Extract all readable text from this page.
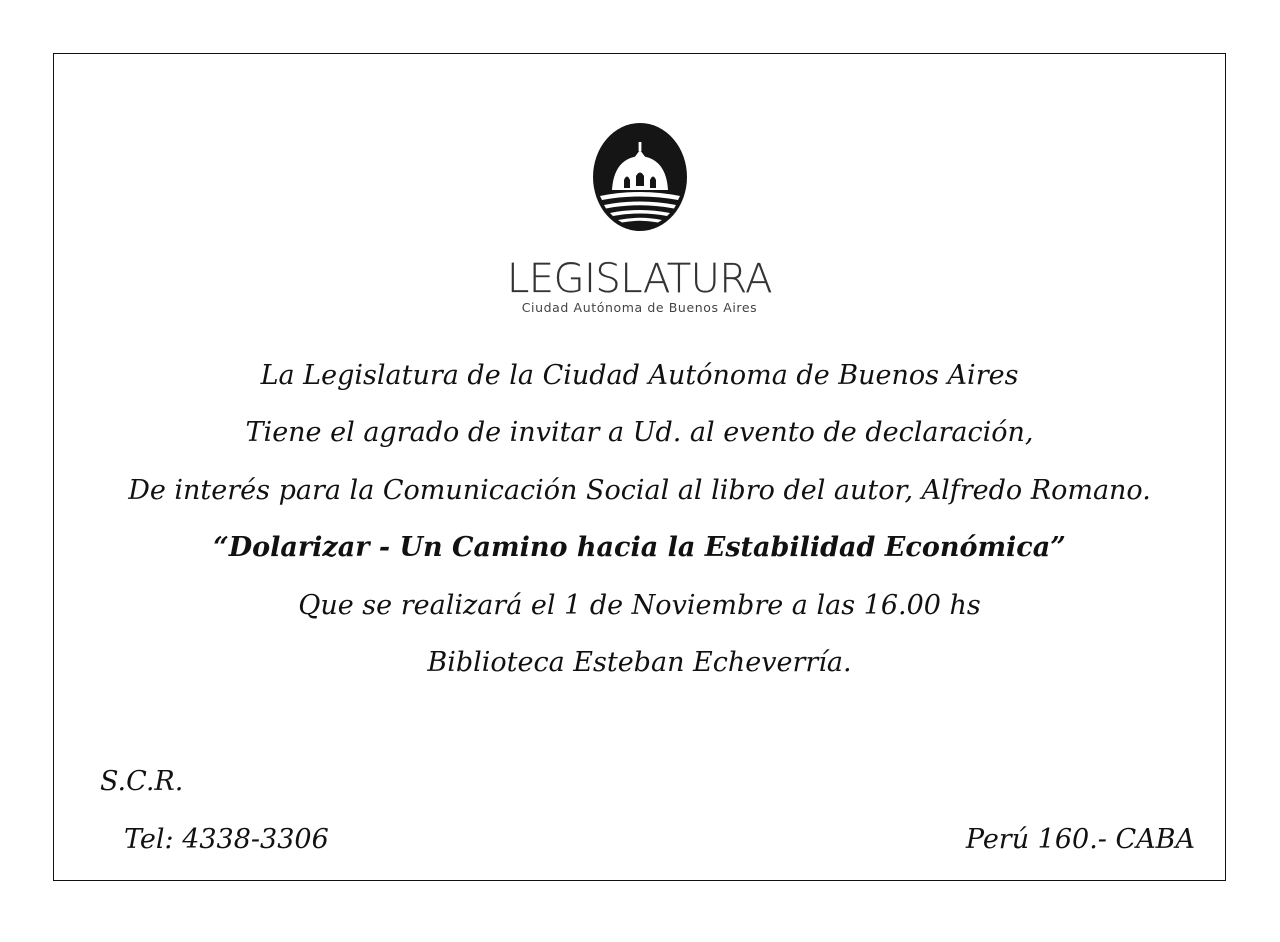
LEGISLATURA
Ciudad Autónoma de Buenos Aires
La Legislatura de la Ciudad Autónoma de Buenos Aires
Tiene el agrado de invitar a Ud. al evento de declaración,
De interés para la Comunicación Social al libro del autor, Alfredo Romano.
“Dolarizar - Un Camino hacia la Estabilidad Económica”
Que se realizará el 1 de Noviembre a las 16.00 hs
Biblioteca Esteban Echeverría.
S.C.R.
Tel: 4338-3306	Perú 160.- CABA
